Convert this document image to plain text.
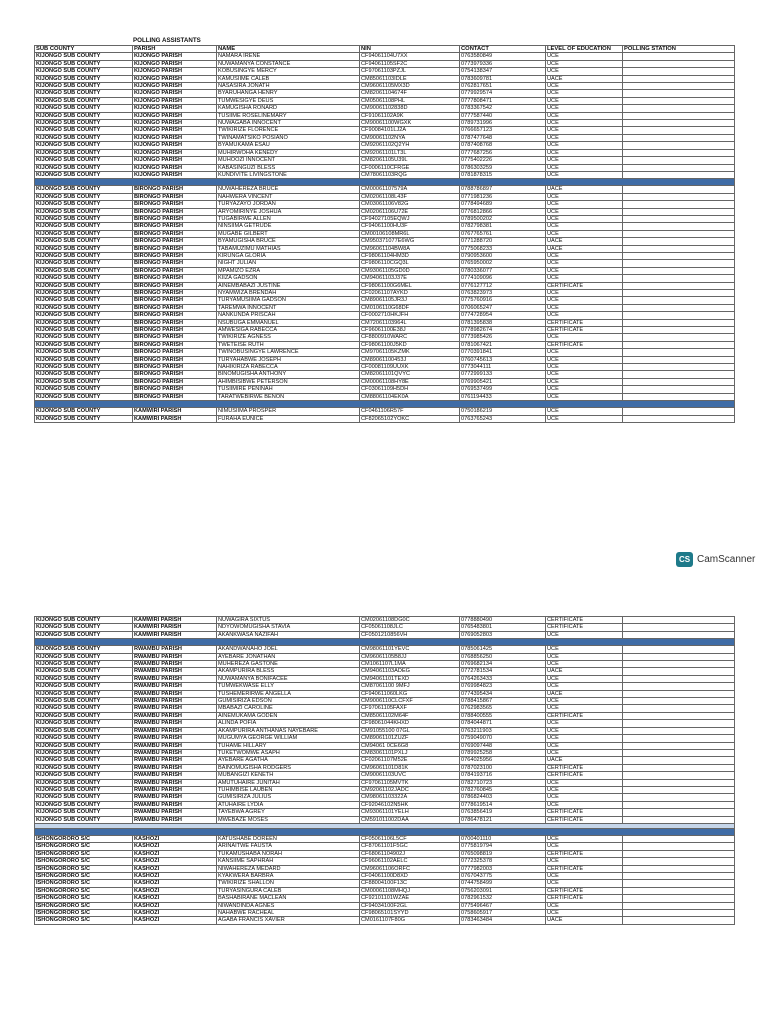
POLLING ASSISTANTS
SUB COUNTY	PARISH	NAME	NIN	CONTACT	LEVEL OF EDUCATION	POLLING STATION
KIJONGO SUB COUNTY	KIJONGO PARISH	NAMARA IRENE	CF94061104U7XX	0763580849	UCE	
KIJONGO SUB COUNTY	KIJONGO PARISH	NUWAMANYA CONSTANCE	CF94061105SF2C	0773979336	UCE	
KIJONGO SUB COUNTY	KIJONGO PARISH	KOBUSINGYE MERCY	CF97061103PZJL	0754138347	UCE	
KIJONGO SUB COUNTY	KIJONGO PARISH	KAMUSIIME CALEB	CM85061103IDLE	0783609781	UACE	
KIJONGO SUB COUNTY	KIJONGO PARISH	NASASIRA JONATH	CM96061105MX3D	0762817651	UCE	
KIJONGO SUB COUNTY	KIJONGO PARISH	BYARUHANGA HENRY	CM82061104674F	0779929574	UCE	
KIJONGO SUB COUNTY	KIJONGO PARISH	TUMWESIGYE DEUS	CM05061108PHL	0777808471	UCE	
KIJONGO SUB COUNTY	KIJONGO PARISH	KAMUGISHA RONARD	CM90061102838D	0783367542	UCE	
KIJONGO SUB COUNTY	KIJONGO PARISH	TUSIIME ROSELINEMARY	CF91061102A9K	0777587440	UCE	
KIJONGO SUB COUNTY	KIJONGO PARISH	NUWAGABA INNOCENT	CM90061100WGXK	0789731996	UCE	
KIJONGO SUB COUNTY	KIJONGO PARISH	TWIKIRIZE FLORENCE	CF90084101LJ2A	0766657123	UCE	
KIJONGO SUB COUNTY	KIJONGO PARISH	TWINAMATSIKO POSIANO	CM90061102NYA	0787477648	UCE	
KIJONGO SUB COUNTY	KIJONGO PARISH	BYAMUKAMA ESAU	CM92061102Q2YH	0787408768	UCE	
KIJONGO SUB COUNTY	KIJONGO PARISH	MUHIRWOHA KENEDY	CM92061101LT3L	0777687256	UCE	
KIJONGO SUB COUNTY	KIJONGO PARISH	MUHOOZI INNOCENT	CM82061105U39L	0775402226	UCE	
KIJONGO SUB COUNTY	KIJONGO PARISH	KABASINGUZI BLESS	CF0006110CFRGE	0786303259	UCE	
KIJONGO SUB COUNTY	KIJONGO PARISH	KUNDIVITE LIVINGSTONE	CM78061103RQG	0781878315	UCE	

KIJONGO SUB COUNTY	BIRONGO PARISH	NUWAHEREZA BRUCE	CM00061107579A	0788786897	UACE	
KIJONGO SUB COUNTY	BIRONGO PARISH	NAHWERA VINCENT	CM02061108L43F	0771981236	UCE	
KIJONGO SUB COUNTY	BIRONGO PARISH	TURYAZAYO JORDAN	CM03061106V82G	0778494689	UCE	
KIJONGO SUB COUNTY	BIRONGO PARISH	ARYOMIRINYE JOSHUA	CM02061106U72E	0776812866	UCE	
KIJONGO SUB COUNTY	BIRONGO PARISH	TUGABIRWE ALLEN	CF94027105EQWJ	0789500202	UCE	
KIJONGO SUB COUNTY	BIRONGO PARISH	NINSIIMA GETRUDE	CF94061100HU3F	0782798381	UCE	
KIJONGO SUB COUNTY	BIRONGO PARISH	MUGABE GILBERT	CM00106108MR6L	0767765761	UCE	
KIJONGO SUB COUNTY	BIRONGO PARISH	BYAMUGISHA BRUCE	CM950371077E6WG	0771288720	UACE	
KIJONGO SUB COUNTY	BIRONGO PARISH	TABAMUZIMU MATHIAS	CM96061104BW8A	0775068233	UACE	
KIJONGO SUB COUNTY	BIRONGO PARISH	KIRUNGA GLORIA	CF98061104HM3D	0790953600	UCE	
KIJONGO SUB COUNTY	BIRONGO PARISH	NIGHT JULIAN	CF9806110CGQ3L	0765950002	UCE	
KIJONGO SUB COUNTY	BIRONGO PARISH	MPAMIZO EZRA	CM93061105GD0D	0780336077	UCE	
KIJONGO SUB COUNTY	BIRONGO PARISH	KIIZA GADSON	CM94061103J37E	0774109096	UCE	
KIJONGO SUB COUNTY	BIRONGO PARISH	AINEMBABAZI JUSTINE	CF98061100G6MEL	0776127712	CERTIFICATE	
KIJONGO SUB COUNTY	BIRONGO PARISH	NYAMWIZA BRENDAH	CF02061107AYKD	0763823973	UCE	
KIJONGO SUB COUNTY	BIRONGO PARISH	TURYAMUSIIMA GADSON	CM89061105JR3J	0775760916	UCE	
KIJONGO SUB COUNTY	BIRONGO PARISH	TAREMWA INNOCENT	CM0106110G68DF	0706065247	UCE	
KIJONGO SUB COUNTY	BIRONGO PARISH	NANKUNDA PRISCAH	CF0002710HKJFH	0774728954	UCE	
KIJONGO SUB COUNTY	BIRONGO PARISH	NSUBUGA EMMANUEL	CM72061103964L	0781395838	CERTIFICATE	
KIJONGO SUB COUNTY	BIRONGO PARISH	AMWESIGA RABECCA	CF96061100E38J	0778982674	CERTIFICATE	
KIJONGO SUB COUNTY	BIRONGO PARISH	TWIKIRIZE AGNESS	CF8800910WARC	0773985426	UCE	
KIJONGO SUB COUNTY	BIRONGO PARISH	TWETEISE RUTH	CF98061100J5KD	0781067421	CERTIFICATE	
KIJONGO SUB COUNTY	BIRONGO PARISH	TWINOBUSINGYE LAWRENCE	CM97061105KZMK	0770391841	UCE	
KIJONGO SUB COUNTY	BIRONGO PARISH	TURYAHABWE JOSEPH	CM89061100453J	0760745613	UCE	
KIJONGO SUB COUNTY	BIRONGO PARISH	NAHIKIRIZA RABECCA	CF00081109UUXK	0773044111	UCE	
KIJONGO SUB COUNTY	BIRONGO PARISH	BINOMUGISHA ANTHONY	CM82061101QVYC	0772999133	UCE	
KIJONGO SUB COUNTY	BIRONGO PARISH	AHIMBISIBWE PETERSON	CM00061108HY8E	0769905421	UCE	
KIJONGO SUB COUNTY	BIRONGO PARISH	TUSIIMIRE PENINAH	CF03061109H5DH	0769537499	UCE	
KIJONGO SUB COUNTY	BIRONGO PARISH	TARATWEBIRWE BENON	CM88061104EK0A	0761194433	UCE	

KIJONGO SUB COUNTY	KAMWIRI PARISH	NIMUSIIMA PROSPER	CF0461106R57F	0750186219	UCE	
KIJONGO SUB COUNTY	KAMWIRI PARISH	FURAHA EUNICE	CF82065102YOKC	0763765243	UCE	
CS CamScanner
KIJONGO SUB COUNTY	KAMWIRI PARISH	NUWAGIRA SIXTUS	CM02061108DG0C	0778880490	CERTIFICATE	
KIJONGO SUB COUNTY	KAMWIRI PARISH	NDYOWOMUGISHA STAVIA	CF05061108JLC	0765483801	CERTIFICATE	
KIJONGO SUB COUNTY	KAMWIRI PARISH	AKANKWASA NAZIFAH	CF0501210856VH	0769052803	UCE	

KIJONGO SUB COUNTY	RWAMBU PARISH	AKANDWANAHO JOEL	CM98061101YEVC	0785061425	UCE	
KIJONGO SUB COUNTY	RWAMBU PARISH	AYEBARE JONATHAN	CM96061105B8JJ	0768856250	UCE	
KIJONGO SUB COUNTY	RWAMBU PARISH	MUHEREZA GASTONE	CM1061107L1MA	0769682134	UCE	
KIJONGO SUB COUNTY	RWAMBU PARISH	AKAMPURIRA BLESS	CM94061103ADEG	0772781534	UACE	
KIJONGO SUB COUNTY	RWAMBU PARISH	NUWAMANYA BONIFACEE	CM94061101TEXD	0764263433	UCE	
KIJONGO SUB COUNTY	RWAMBU PARISH	TUMWEKWASE ELLY	CM87061100 9MFJ	0769984823	UCE	
KIJONGO SUB COUNTY	RWAMBU PARISH	TUSHEMERIRWE ANGELLA	CF940611060LKG	0774395434	UACE	
KIJONGO SUB COUNTY	RWAMBU PARISH	GUMISIRIZA EDSON	CM9006110CLCFXF	0788415867	UCE	
KIJONGO SUB COUNTY	RWAMBU PARISH	MBABAZI CAROLINE	CF97061105FAXF	0762983565	UCE	
KIJONGO SUB COUNTY	RWAMBU PARISH	AINEMUKAMA GODEN	CM85061102M64F	0788400555	CERTIFICATE	
KIJONGO SUB COUNTY	RWAMBU PARISH	ALINDA POFIA	CF98061044KHXD	0784044871	UCE	
KIJONGO SUB COUNTY	RWAMBU PARISH	AKAMPURIRA ANTHANAS NAYEBARE	CM91055100 07GL	0763211903	UCE	
KIJONGO SUB COUNTY	RWAMBU PARISH	MUGUMYA GEORGE WILLIAM	CM89061101ZUZF	0759049070	UCE	
KIJONGO SUB COUNTY	RWAMBU PARISH	TUHAME HILLARY	CM94061 0CE6G8	0769097448	UCE	
KIJONGO SUB COUNTY	RWAMBU PARISH	TUKETWOMWE ASAPH	CM83061101PXLJ	0789925258	UCE	
KIJONGO SUB COUNTY	RWAMBU PARISH	AYEBARE AGATHA	CF02061107M52E	0764025956	UACE	
KIJONGO SUB COUNTY	RWAMBU PARISH	BAINOMUGISHA RODGERS	CM96061101D81K	0787023100	CERTIFICATE	
KIJONGO SUB COUNTY	RWAMBU PARISH	MUBANGIZI KENETH	CM90061103UVC	0784193716	CERTIFICATE	
KIJONGO SUB COUNTY	RWAMBU PARISH	AMUTUHAIRE JUNITAH	CF97061105MVTK	0782710723	UCE	
KIJONGO SUB COUNTY	RWAMBU PARISH	TUHIMBISE LAUBEN	CM92061102JADC	0782760845	UCE	
KIJONGO SUB COUNTY	RWAMBU PARISH	GUMISIRIZA JULIUS	CM98061103322A	0786824403	UCE	
KIJONGO SUB COUNTY	RWAMBU PARISH	ATUHAIRE LYDIA	CF92046102N5HK	0778619514	UCE	
KIJONGO SUB COUNTY	RWAMBU PARISH	TAYEBWA AGREY	CM93061101YELH	0763856419	CERTIFICATE	
KIJONGO SUB COUNTY	RWAMBU PARISH	MWEBAZE MOSES	CM591011002DAA	0786478121	CERTIFICATE	

ISHONGORORO S/C	KASHOZI	KATUSHABE DOREEN	CF05061106L5CF	0700401110	UCE	
ISHONGORORO S/C	KASHOZI	ARINAITWE FAUSTA	CF87061101F5GC	0775819794	UCE	
ISHONGORORO S/C	KASHOZI	TUKAMUSHABA NORAH	CF68061104902J	0765098819	CERTIFICATE	
ISHONGORORO S/C	KASHOZI	KANSIIME SAPHRAH	CF96061102AELC	0772325378	UCE	
ISHONGORORO S/C	KASHOZI	NIWAHEREZA MEDARD	CM96061106ORFC	0777982003	CERTIFICATE	
ISHONGORORO S/C	KASHOZI	KYAKWERA BARBRA	CF04061100D8XD	0767043775	UCE	
ISHONGORORO S/C	KASHOZI	TWIKIRIZE SHALLON	CF88004100F13C	0744758499	UCE	
ISHONGORORO S/C	KASHOZI	TURYASINGURA CALEB	CM00061108MHQJ	0756203091	CERTIFICATE	
ISHONGORORO S/C	KASHOZI	BASHABIRANE MACLEAN	CF92101101WZAE	0782961532	CERTIFICATE	
ISHONGORORO S/C	KASHOZI	NIWANDINDA AGNES	CF94034100F2GL	0775496467	UCE	
ISHONGORORO S/C	KASHOZI	NAHABWE RACHEAL	CF98065101SYYD	0758605917	UCE	
ISHONGORORO S/C	KASHOZI	AGABA FRANCIS XAVIER	CM0161107F80G	0783463484	UACE	
